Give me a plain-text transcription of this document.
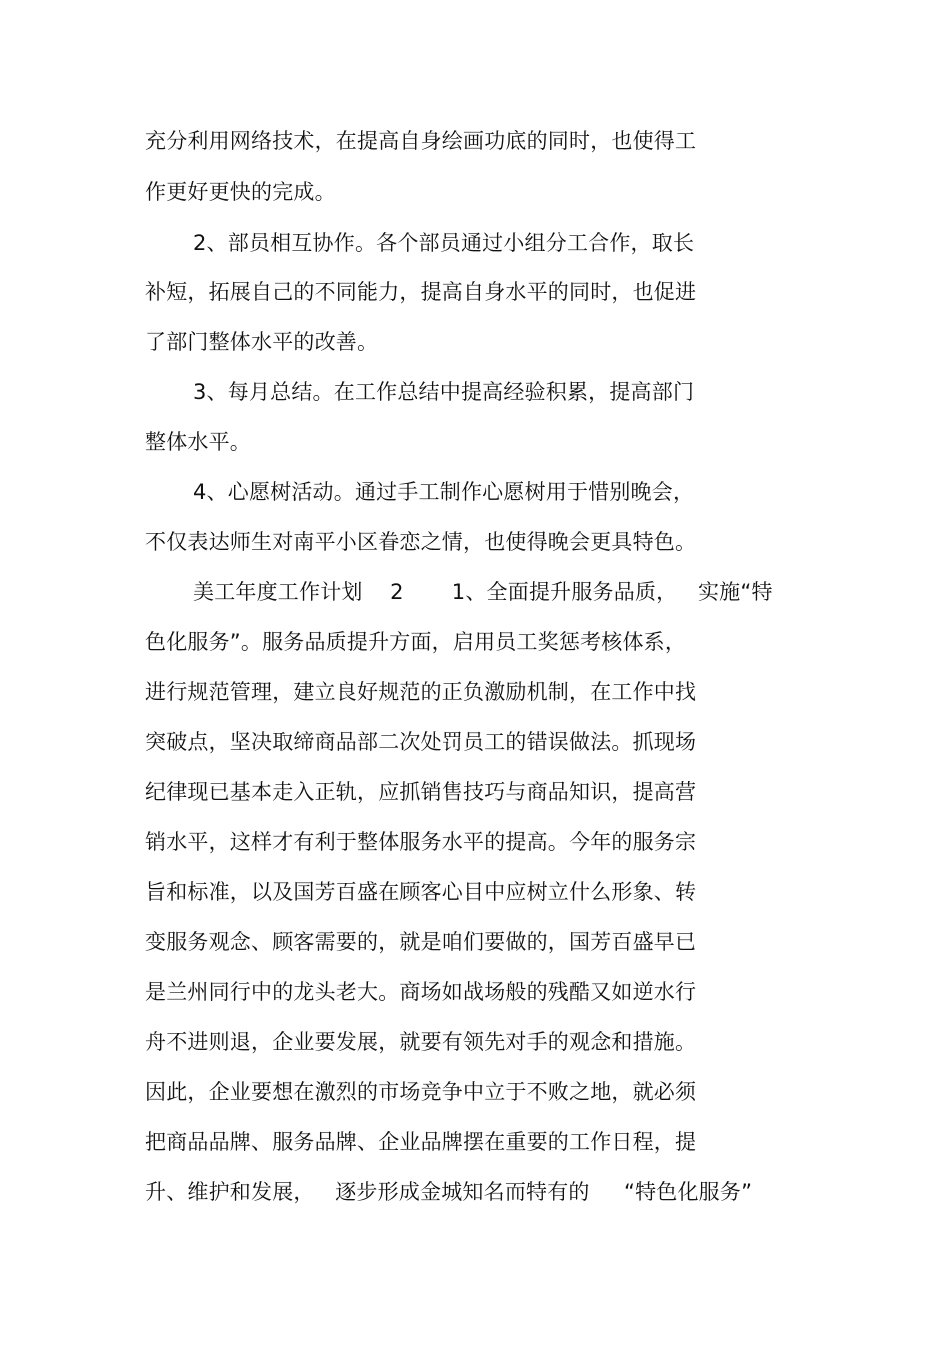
充分利用网络技术，在提高自身绘画功底的同时，也使得工
作更好更快的完成。
2、部员相互协作。各个部员通过小组分工合作，取长
补短，拓展自己的不同能力，提高自身水平的同时，也促进
了部门整体水平的改善。
3、每月总结。在工作总结中提高经验积累，提高部门
整体水平。
4、心愿树活动。通过手工制作心愿树用于惜别晚会，
不仅表达师生对南平小区眷恋之情，也使得晚会更具特色。
美工年度工作计划    2       1、全面提升服务品质，   实施“特
色化服务”。服务品质提升方面，启用员工奖惩考核体系，
进行规范管理，建立良好规范的正负激励机制，在工作中找
突破点，坚决取缔商品部二次处罚员工的错误做法。抓现场
纪律现已基本走入正轨，应抓销售技巧与商品知识，提高营
销水平，这样才有利于整体服务水平的提高。今年的服务宗
旨和标准，以及国芳百盛在顾客心目中应树立什么形象、转
变服务观念、顾客需要的，就是咱们要做的，国芳百盛早已
是兰州同行中的龙头老大。商场如战场般的残酷又如逆水行
舟不进则退，企业要发展，就要有领先对手的观念和措施。
因此，企业要想在激烈的市场竞争中立于不败之地，就必须
把商品品牌、服务品牌、企业品牌摆在重要的工作日程，提
升、维护和发展，   逐步形成金城知名而特有的     “特色化服务”
